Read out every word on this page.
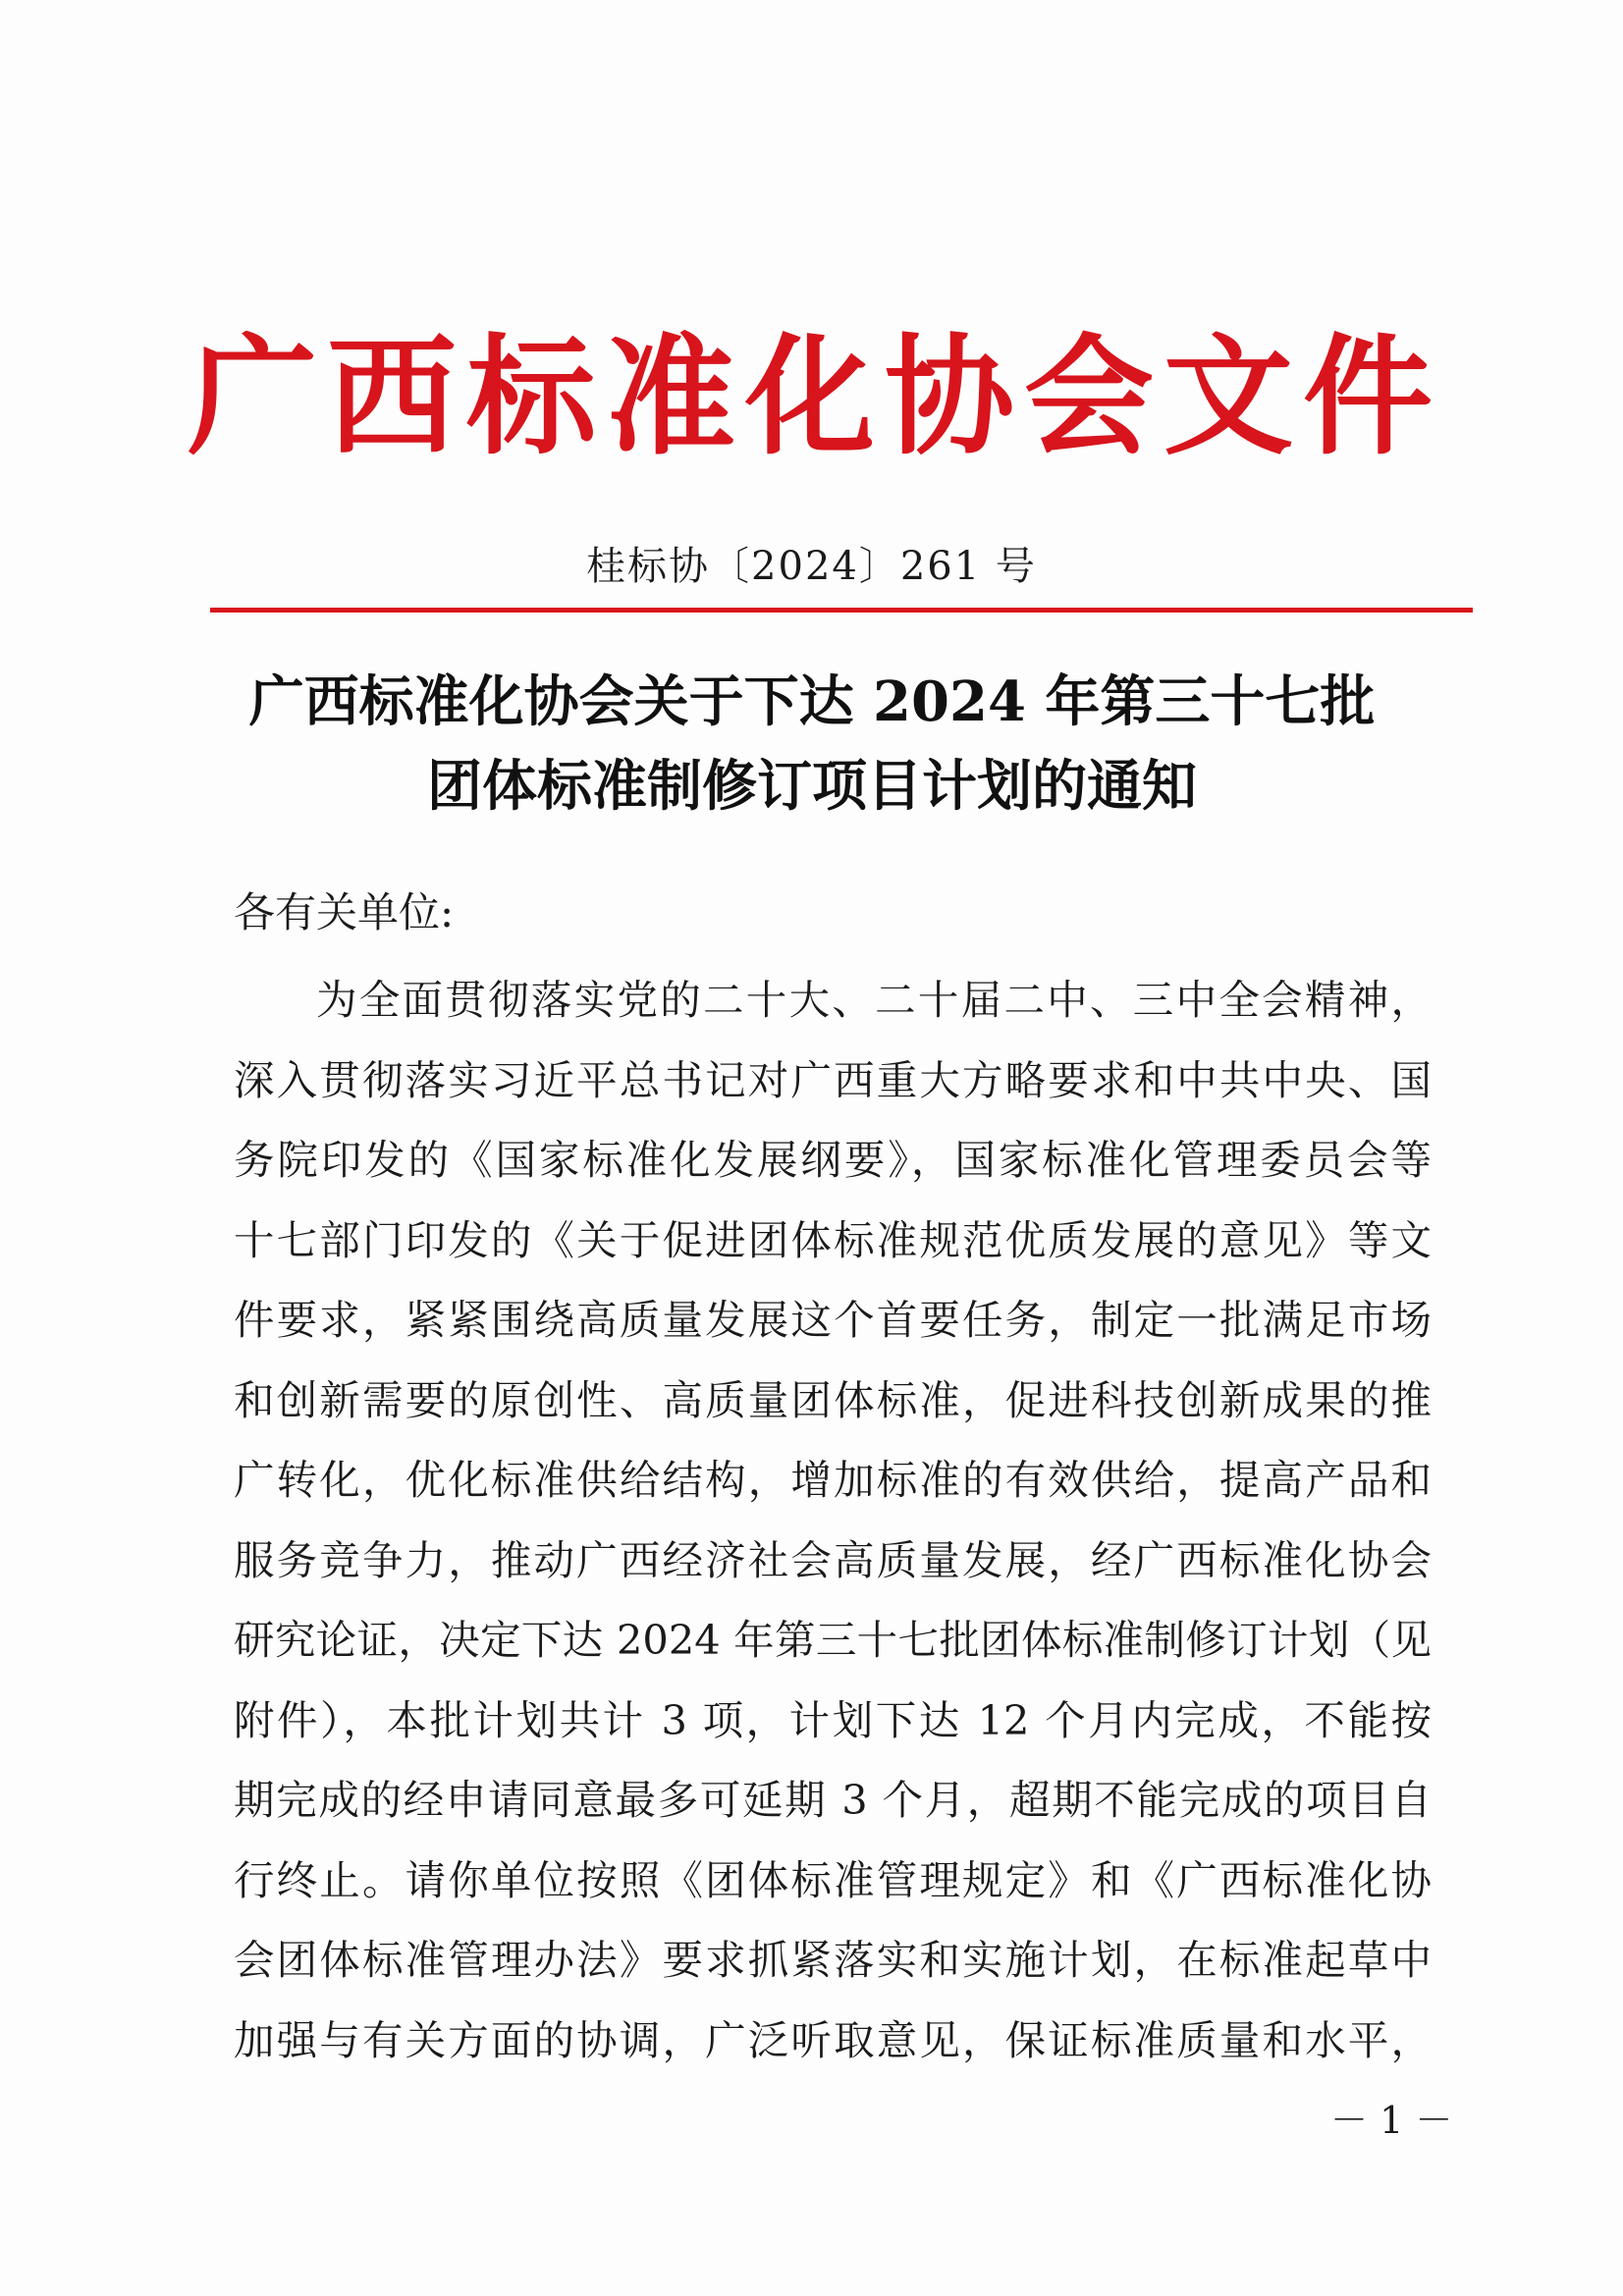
广西标准化协会文件
桂标协〔2024〕261 号
广西标准化协会关于下达 2024 年第三十七批
团体标准制修订项目计划的通知
各有关单位:
为全面贯彻落实党的二十大、二十届二中、三中全会精神，
深入贯彻落实习近平总书记对广西重大方略要求和中共中央、国
务院印发的《国家标准化发展纲要》，国家标准化管理委员会等
十七部门印发的《关于促进团体标准规范优质发展的意见》等文
件要求，紧紧围绕高质量发展这个首要任务，制定一批满足市场
和创新需要的原创性、高质量团体标准，促进科技创新成果的推
广转化，优化标准供给结构，增加标准的有效供给，提高产品和
服务竞争力，推动广西经济社会高质量发展，经广西标准化协会
研究论证，决定下达 2024 年第三十七批团体标准制修订计划（见
附件），本批计划共计 3 项，计划下达 12 个月内完成，不能按
期完成的经申请同意最多可延期 3 个月，超期不能完成的项目自
行终止。请你单位按照《团体标准管理规定》和《广西标准化协
会团体标准管理办法》要求抓紧落实和实施计划，在标准起草中
加强与有关方面的协调，广泛听取意见，保证标准质量和水平，
－ 1 －
